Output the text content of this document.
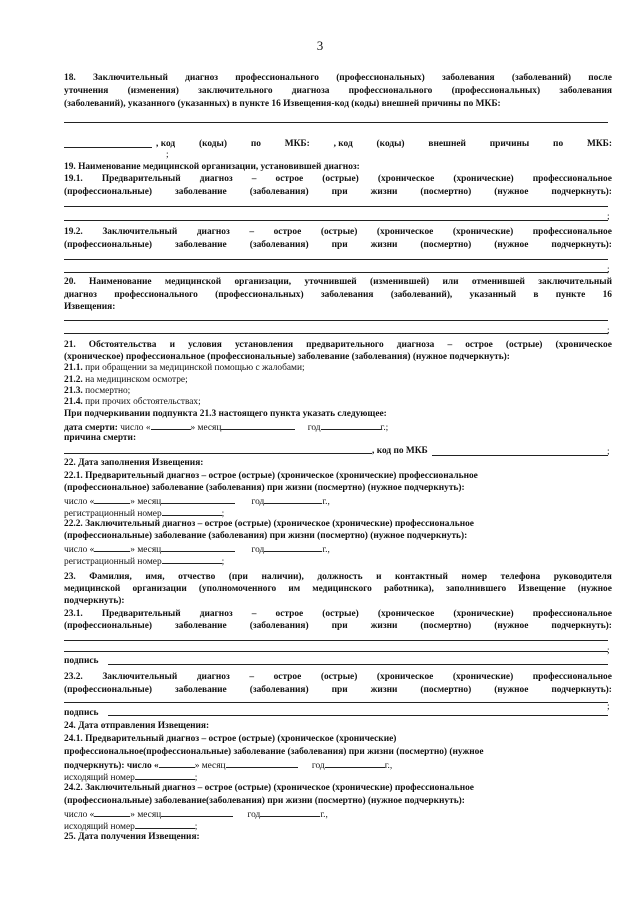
3
18. Заключительный диагноз профессионального (профессиональных) заболевания (заболеваний) после
уточнения (изменения) заключительного диагноза профессионального (профессиональных) заболевания
(заболеваний), указанного (указанных) в пункте 16 Извещения-код (коды) внешней причины по МКБ:
, код	(коды)	по	МКБ:	, код	(коды)	внешней	причины	по	МКБ:
;
19. Наименование медицинской организации, установившей диагноз:
19.1. Предварительный диагноз – острое (острые) (хроническое (хронические) профессиональное
(профессиональные) заболевание (заболевания) при жизни (посмертно) (нужное подчеркнуть):
;
19.2. Заключительный диагноз – острое (острые) (хроническое (хронические) профессиональное
(профессиональные) заболевание (заболевания) при жизни (посмертно) (нужное подчеркнуть):
;
20. Наименование медицинской организации, уточнившей (изменившей) или отменившей заключительный
диагноз профессионального (профессиональных) заболевания (заболеваний), указанный в пункте 16
Извещения:
;
21. Обстоятельства и условия установления предварительного диагноза – острое (острые) (хроническое
(хроническое) профессиональное (профессиональные) заболевание (заболевания) (нужное подчеркнуть):
21.1. при обращении за медицинской помощью с жалобами;
21.2. на медицинском осмотре;
21.3. посмертно;
21.4. при прочих обстоятельствах;
При подчеркивании подпункта 21.3 настоящего пункта указать следующее:
дата смерти: число «	» месяц	год	г.;
причина смерти:
, код по МКБ	;
22. Дата заполнения Извещения:
22.1. Предварительный диагноз – острое (острые) (хроническое (хронические) профессиональное
(профессиональное) заболевание (заболевания) при жизни (посмертно) (нужное подчеркнуть):
число «	» месяц	год	г.,
регистрационный номер	;
22.2. Заключительный диагноз – острое (острые) (хроническое (хронические) профессиональное
(профессиональные) заболевание (заболевания) при жизни (посмертно) (нужное подчеркнуть):
число «	» месяц	год	г.,
регистрационный номер	;
23. Фамилия, имя, отчество (при наличии), должность и контактный номер телефона руководителя
медицинской организации (уполномоченного им медицинского работника), заполнившего Извещение (нужное
подчеркнуть):
23.1. Предварительный диагноз – острое (острые) (хроническое (хронические) профессиональное
(профессиональные) заболевание (заболевания) при жизни (посмертно) (нужное подчеркнуть):
;
подпись
23.2. Заключительный диагноз – острое (острые) (хроническое (хронические) профессиональное
(профессиональные) заболевание (заболевания) при жизни (посмертно) (нужное подчеркнуть):
;
подпись
24. Дата отправления Извещения:
24.1. Предварительный диагноз – острое (острые) (хроническое (хронические)
профессиональное(профессиональные) заболевание (заболевания) при жизни (посмертно) (нужное
подчеркнуть): число «	» месяц	год	г.,
исходящий номер	;
24.2. Заключительный диагноз – острое (острые) (хроническое (хронические) профессиональное
(профессиональные) заболевание(заболевания) при жизни (посмертно) (нужное подчеркнуть):
число «	» месяц	год	г.,
исходящий номер	;
25. Дата получения Извещения:
